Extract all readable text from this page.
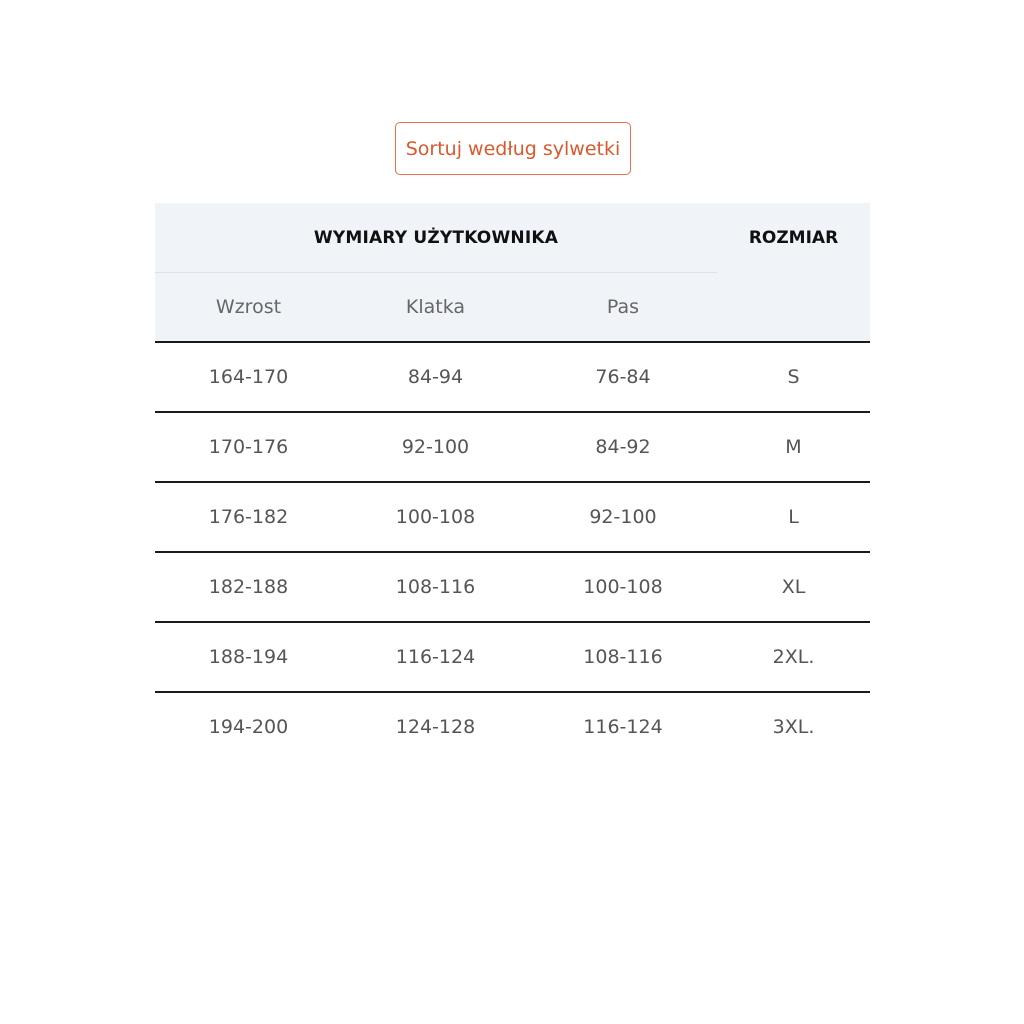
Sortuj według sylwetki
WYMIARY UŻYTKOWNIKA	ROZMIAR
Wzrost	Klatka	Pas
164-170	84-94	76-84	S
170-176	92-100	84-92	M
176-182	100-108	92-100	L
182-188	108-116	100-108	XL
188-194	116-124	108-116	2XL.
194-200	124-128	116-124	3XL.
